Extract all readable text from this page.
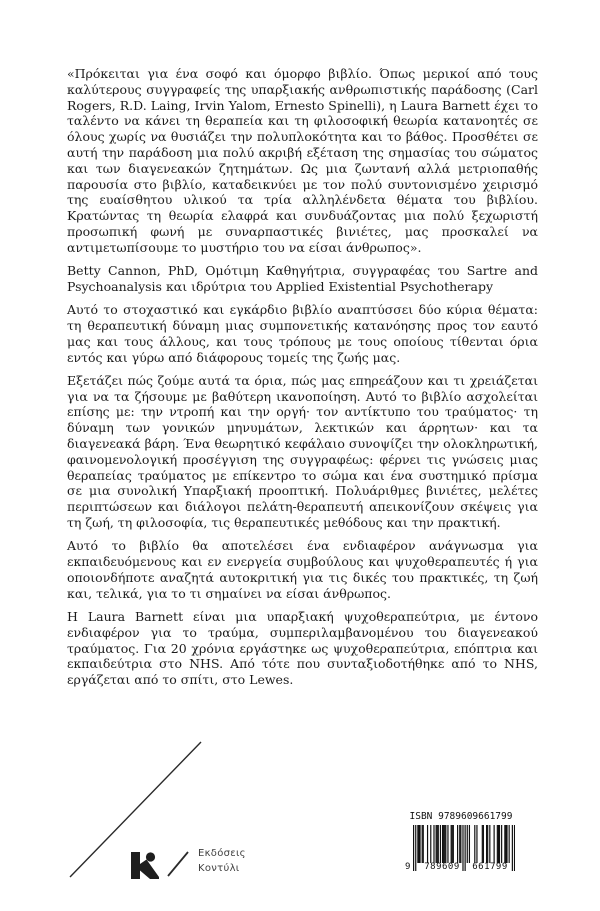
«Πρόκειται για ένα σοφό και όμορφο βιβλίο. Όπως μερικοί από τους καλύτερους συγγραφείς της υπαρξιακής ανθρωπιστικής παράδοσης (Carl Rogers, R.D. Laing, Irvin Yalom, Ernesto Spinelli), η Laura Barnett έχει το ταλέντο να κάνει τη θεραπεία και τη φιλοσοφική θεωρία κατανοητές σε όλους χωρίς να θυσιάζει την πολυπλοκότητα και το βάθος. Προσθέτει σε αυτή την παράδοση μια πολύ ακριβή εξέταση της σημασίας του σώματος και των διαγενεακών ζητημάτων. Ως μια ζωντανή αλλά μετριοπαθής παρουσία στο βιβλίο, καταδεικνύει με τον πολύ συντονισμένο χειρισμό της ευαίσθητου υλικού τα τρία αλληλένδετα θέματα του βιβλίου. Κρατώντας τη θεωρία ελαφρά και συνδυάζοντας μια πολύ ξεχωριστή προσωπική φωνή με συναρπαστικές βινιέτες, μας προσκαλεί να αντιμετωπίσουμε το μυστήριο του να είσαι άνθρωπος».

Betty Cannon, PhD, Ομότιμη Καθηγήτρια, συγγραφέας του Sartre and Psychoanalysis και ιδρύτρια του Applied Existential Psychotherapy

Αυτό το στοχαστικό και εγκάρδιο βιβλίο αναπτύσσει δύο κύρια θέματα: τη θεραπευτική δύναμη μιας συμπονετικής κατανόησης προς τον εαυτό μας και τους άλλους, και τους τρόπους με τους οποίους τίθενται όρια εντός και γύρω από διάφορους τομείς της ζωής μας.

Εξετάζει πώς ζούμε αυτά τα όρια, πώς μας επηρεάζουν και τι χρειάζεται για να τα ζήσουμε με βαθύτερη ικανοποίηση. Αυτό το βιβλίο ασχολείται επίσης με: την ντροπή και την οργή· τον αντίκτυπο του τραύματος· τη δύναμη των γονικών μηνυμάτων, λεκτικών και άρρητων· και τα διαγενεακά βάρη. Ένα θεωρητικό κεφάλαιο συνοψίζει την ολοκληρωτική, φαινομενολογική προσέγγιση της συγγραφέως: φέρνει τις γνώσεις μιας θεραπείας τραύματος με επίκεντρο το σώμα και ένα συστημικό πρίσμα σε μια συνολική Υπαρξιακή προοπτική. Πολυάριθμες βινιέτες, μελέτες περιπτώσεων και διάλογοι πελάτη-θεραπευτή απεικονίζουν σκέψεις για τη ζωή, τη φιλοσοφία, τις θεραπευτικές μεθόδους και την πρακτική.

Αυτό το βιβλίο θα αποτελέσει ένα ενδιαφέρον ανάγνωσμα για εκπαιδευόμενους και εν ενεργεία συμβούλους και ψυχοθεραπευτές ή για οποιονδήποτε αναζητά αυτοκριτική για τις δικές του πρακτικές, τη ζωή και, τελικά, για το τι σημαίνει να είσαι άνθρωπος.

Η Laura Barnett είναι μια υπαρξιακή ψυχοθεραπεύτρια, με έντονο ενδιαφέρον για το τραύμα, συμπεριλαμβανομένου του διαγενεακού τραύματος. Για 20 χρόνια εργάστηκε ως ψυχοθεραπεύτρια, επόπτρια και εκπαιδεύτρια στο NHS. Από τότε που συνταξιοδοτήθηκε από το NHS, εργάζεται από το σπίτι, στο Lewes.

Εκδόσεις
Κοντύλι
ISBN 9789609661799
9	789609	661799
